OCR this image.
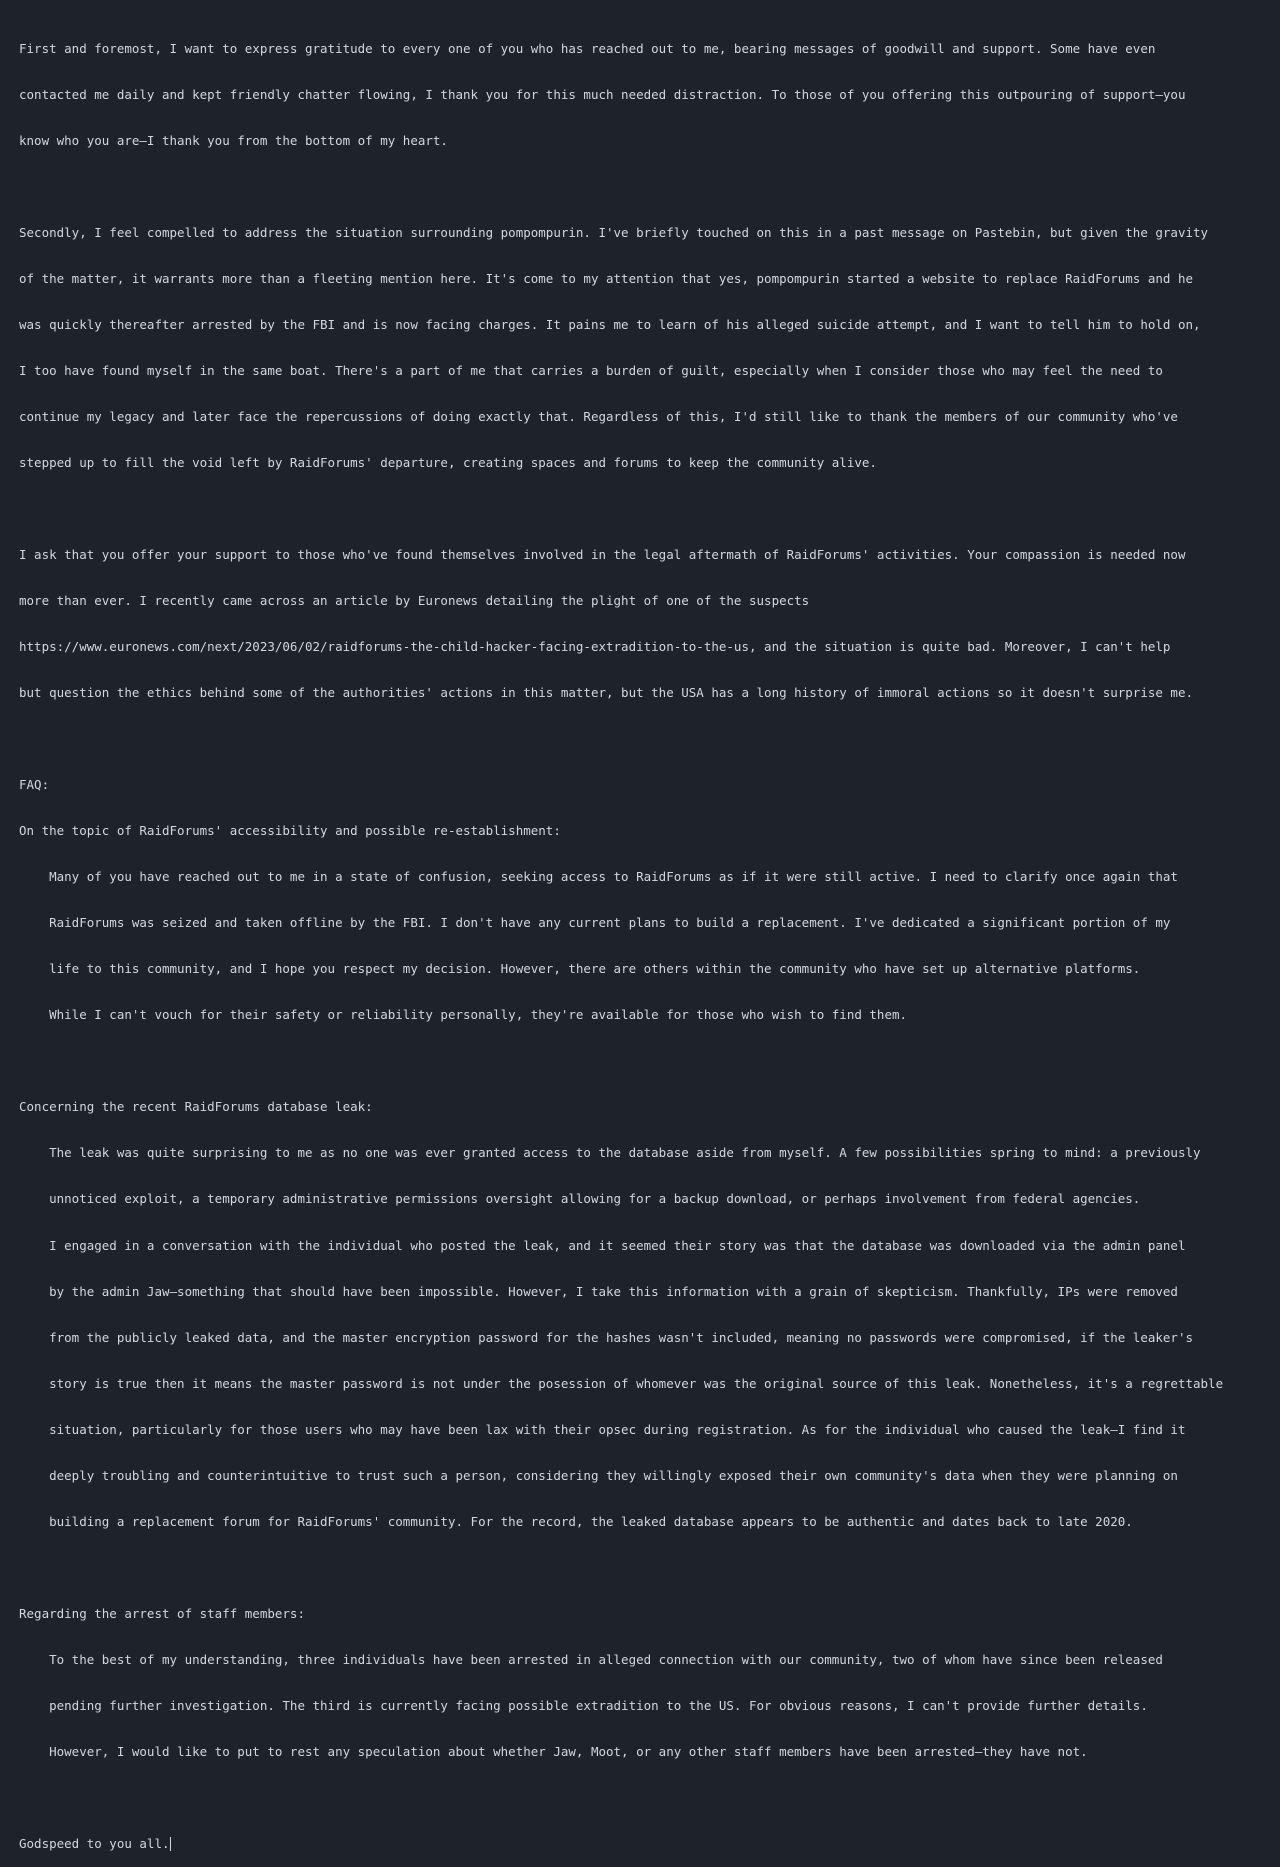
First and foremost, I want to express gratitude to every one of you who has reached out to me, bearing messages of goodwill and support. Some have even

contacted me daily and kept friendly chatter flowing, I thank you for this much needed distraction. To those of you offering this outpouring of support—you

know who you are—I thank you from the bottom of my heart.

Secondly, I feel compelled to address the situation surrounding pompompurin. I've briefly touched on this in a past message on Pastebin, but given the gravity

of the matter, it warrants more than a fleeting mention here. It's come to my attention that yes, pompompurin started a website to replace RaidForums and he

was quickly thereafter arrested by the FBI and is now facing charges. It pains me to learn of his alleged suicide attempt, and I want to tell him to hold on,

I too have found myself in the same boat. There's a part of me that carries a burden of guilt, especially when I consider those who may feel the need to

continue my legacy and later face the repercussions of doing exactly that. Regardless of this, I'd still like to thank the members of our community who've

stepped up to fill the void left by RaidForums' departure, creating spaces and forums to keep the community alive.

I ask that you offer your support to those who've found themselves involved in the legal aftermath of RaidForums' activities. Your compassion is needed now

more than ever. I recently came across an article by Euronews detailing the plight of one of the suspects

https://www.euronews.com/next/2023/06/02/raidforums-the-child-hacker-facing-extradition-to-the-us, and the situation is quite bad. Moreover, I can't help

but question the ethics behind some of the authorities' actions in this matter, but the USA has a long history of immoral actions so it doesn't surprise me.

FAQ:

On the topic of RaidForums' accessibility and possible re-establishment:

Many of you have reached out to me in a state of confusion, seeking access to RaidForums as if it were still active. I need to clarify once again that

RaidForums was seized and taken offline by the FBI. I don't have any current plans to build a replacement. I've dedicated a significant portion of my

life to this community, and I hope you respect my decision. However, there are others within the community who have set up alternative platforms.

While I can't vouch for their safety or reliability personally, they're available for those who wish to find them.

Concerning the recent RaidForums database leak:

The leak was quite surprising to me as no one was ever granted access to the database aside from myself. A few possibilities spring to mind: a previously

unnoticed exploit, a temporary administrative permissions oversight allowing for a backup download, or perhaps involvement from federal agencies.

I engaged in a conversation with the individual who posted the leak, and it seemed their story was that the database was downloaded via the admin panel

by the admin Jaw—something that should have been impossible. However, I take this information with a grain of skepticism. Thankfully, IPs were removed

from the publicly leaked data, and the master encryption password for the hashes wasn't included, meaning no passwords were compromised, if the leaker's

story is true then it means the master password is not under the posession of whomever was the original source of this leak. Nonetheless, it's a regrettable

situation, particularly for those users who may have been lax with their opsec during registration. As for the individual who caused the leak—I find it

deeply troubling and counterintuitive to trust such a person, considering they willingly exposed their own community's data when they were planning on

building a replacement forum for RaidForums' community. For the record, the leaked database appears to be authentic and dates back to late 2020.

Regarding the arrest of staff members:

To the best of my understanding, three individuals have been arrested in alleged connection with our community, two of whom have since been released

pending further investigation. The third is currently facing possible extradition to the US. For obvious reasons, I can't provide further details.

However, I would like to put to rest any speculation about whether Jaw, Moot, or any other staff members have been arrested—they have not.

Godspeed to you all.
